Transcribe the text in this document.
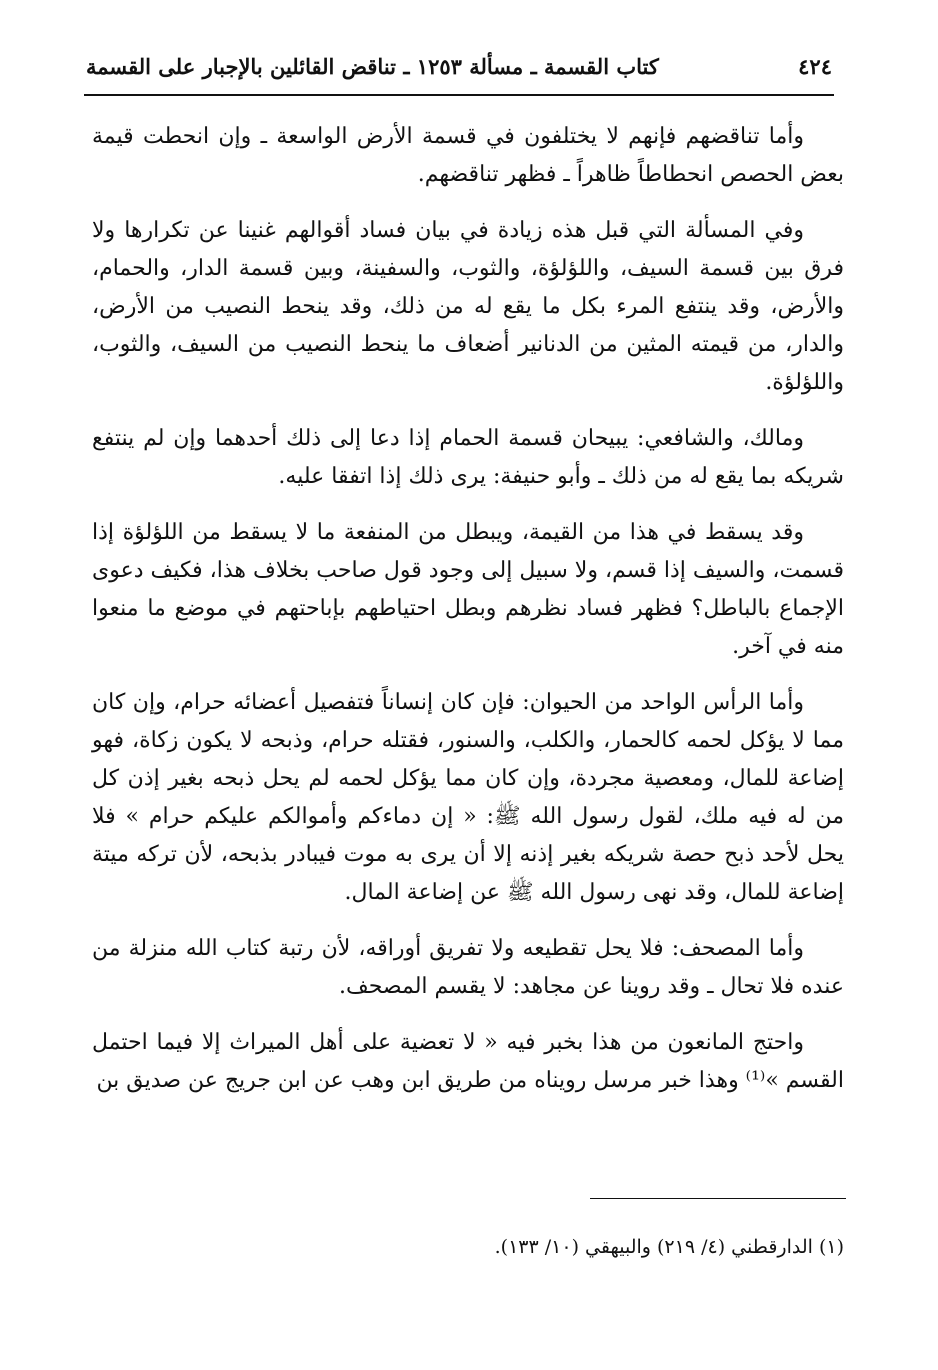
٤٢٤
كتاب القسمة ـ مسألة ١٢٥٣ ـ تناقض القائلين بالإجبار على القسمة

وأما تناقضهم فإنهم لا يختلفون في قسمة الأرض الواسعة ـ وإن انحطت قيمة بعض الحصص انحطاطاً ظاهراً ـ فظهر تناقضهم.

وفي المسألة التي قبل هذه زيادة في بيان فساد أقوالهم غنينا عن تكرارها ولا فرق بين قسمة السيف، واللؤلؤة، والثوب، والسفينة، وبين قسمة الدار، والحمام، والأرض، وقد ينتفع المرء بكل ما يقع له من ذلك، وقد ينحط النصيب من الأرض، والدار، من قيمته المثين من الدنانير أضعاف ما ينحط النصيب من السيف، والثوب، واللؤلؤة.

ومالك، والشافعي: يبيحان قسمة الحمام إذا دعا إلى ذلك أحدهما وإن لم ينتفع شريكه بما يقع له من ذلك ـ وأبو حنيفة: يرى ذلك إذا اتفقا عليه.

وقد يسقط في هذا من القيمة، ويبطل من المنفعة ما لا يسقط من اللؤلؤة إذا قسمت، والسيف إذا قسم، ولا سبيل إلى وجود قول صاحب بخلاف هذا، فكيف دعوى الإجماع بالباطل؟ فظهر فساد نظرهم وبطل احتياطهم بإباحتهم في موضع ما منعوا منه في آخر.

وأما الرأس الواحد من الحيوان: فإن كان إنساناً فتفصيل أعضائه حرام، وإن كان مما لا يؤكل لحمه كالحمار، والكلب، والسنور، فقتله حرام، وذبحه لا يكون زكاة، فهو إضاعة للمال، ومعصية مجردة، وإن كان مما يؤكل لحمه لم يحل ذبحه بغير إذن كل من له فيه ملك، لقول رسول الله ﷺ: « إن دماءكم وأموالكم عليكم حرام » فلا يحل لأحد ذبح حصة شريكه بغير إذنه إلا أن يرى به موت فيبادر بذبحه، لأن تركه ميتة إضاعة للمال، وقد نهى رسول الله ﷺ عن إضاعة المال.

وأما المصحف: فلا يحل تقطيعه ولا تفريق أوراقه، لأن رتبة كتاب الله منزلة من عنده فلا تحال ـ وقد روينا عن مجاهد: لا يقسم المصحف.

واحتج المانعون من هذا بخبر فيه « لا تعضية على أهل الميراث إلا فيما احتمل القسم »⁽¹⁾ وهذا خبر مرسل رويناه من طريق ابن وهب عن ابن جريج عن صديق بن

(١) الدارقطني (٤/ ٢١٩) والبيهقي (١٠/ ١٣٣).
